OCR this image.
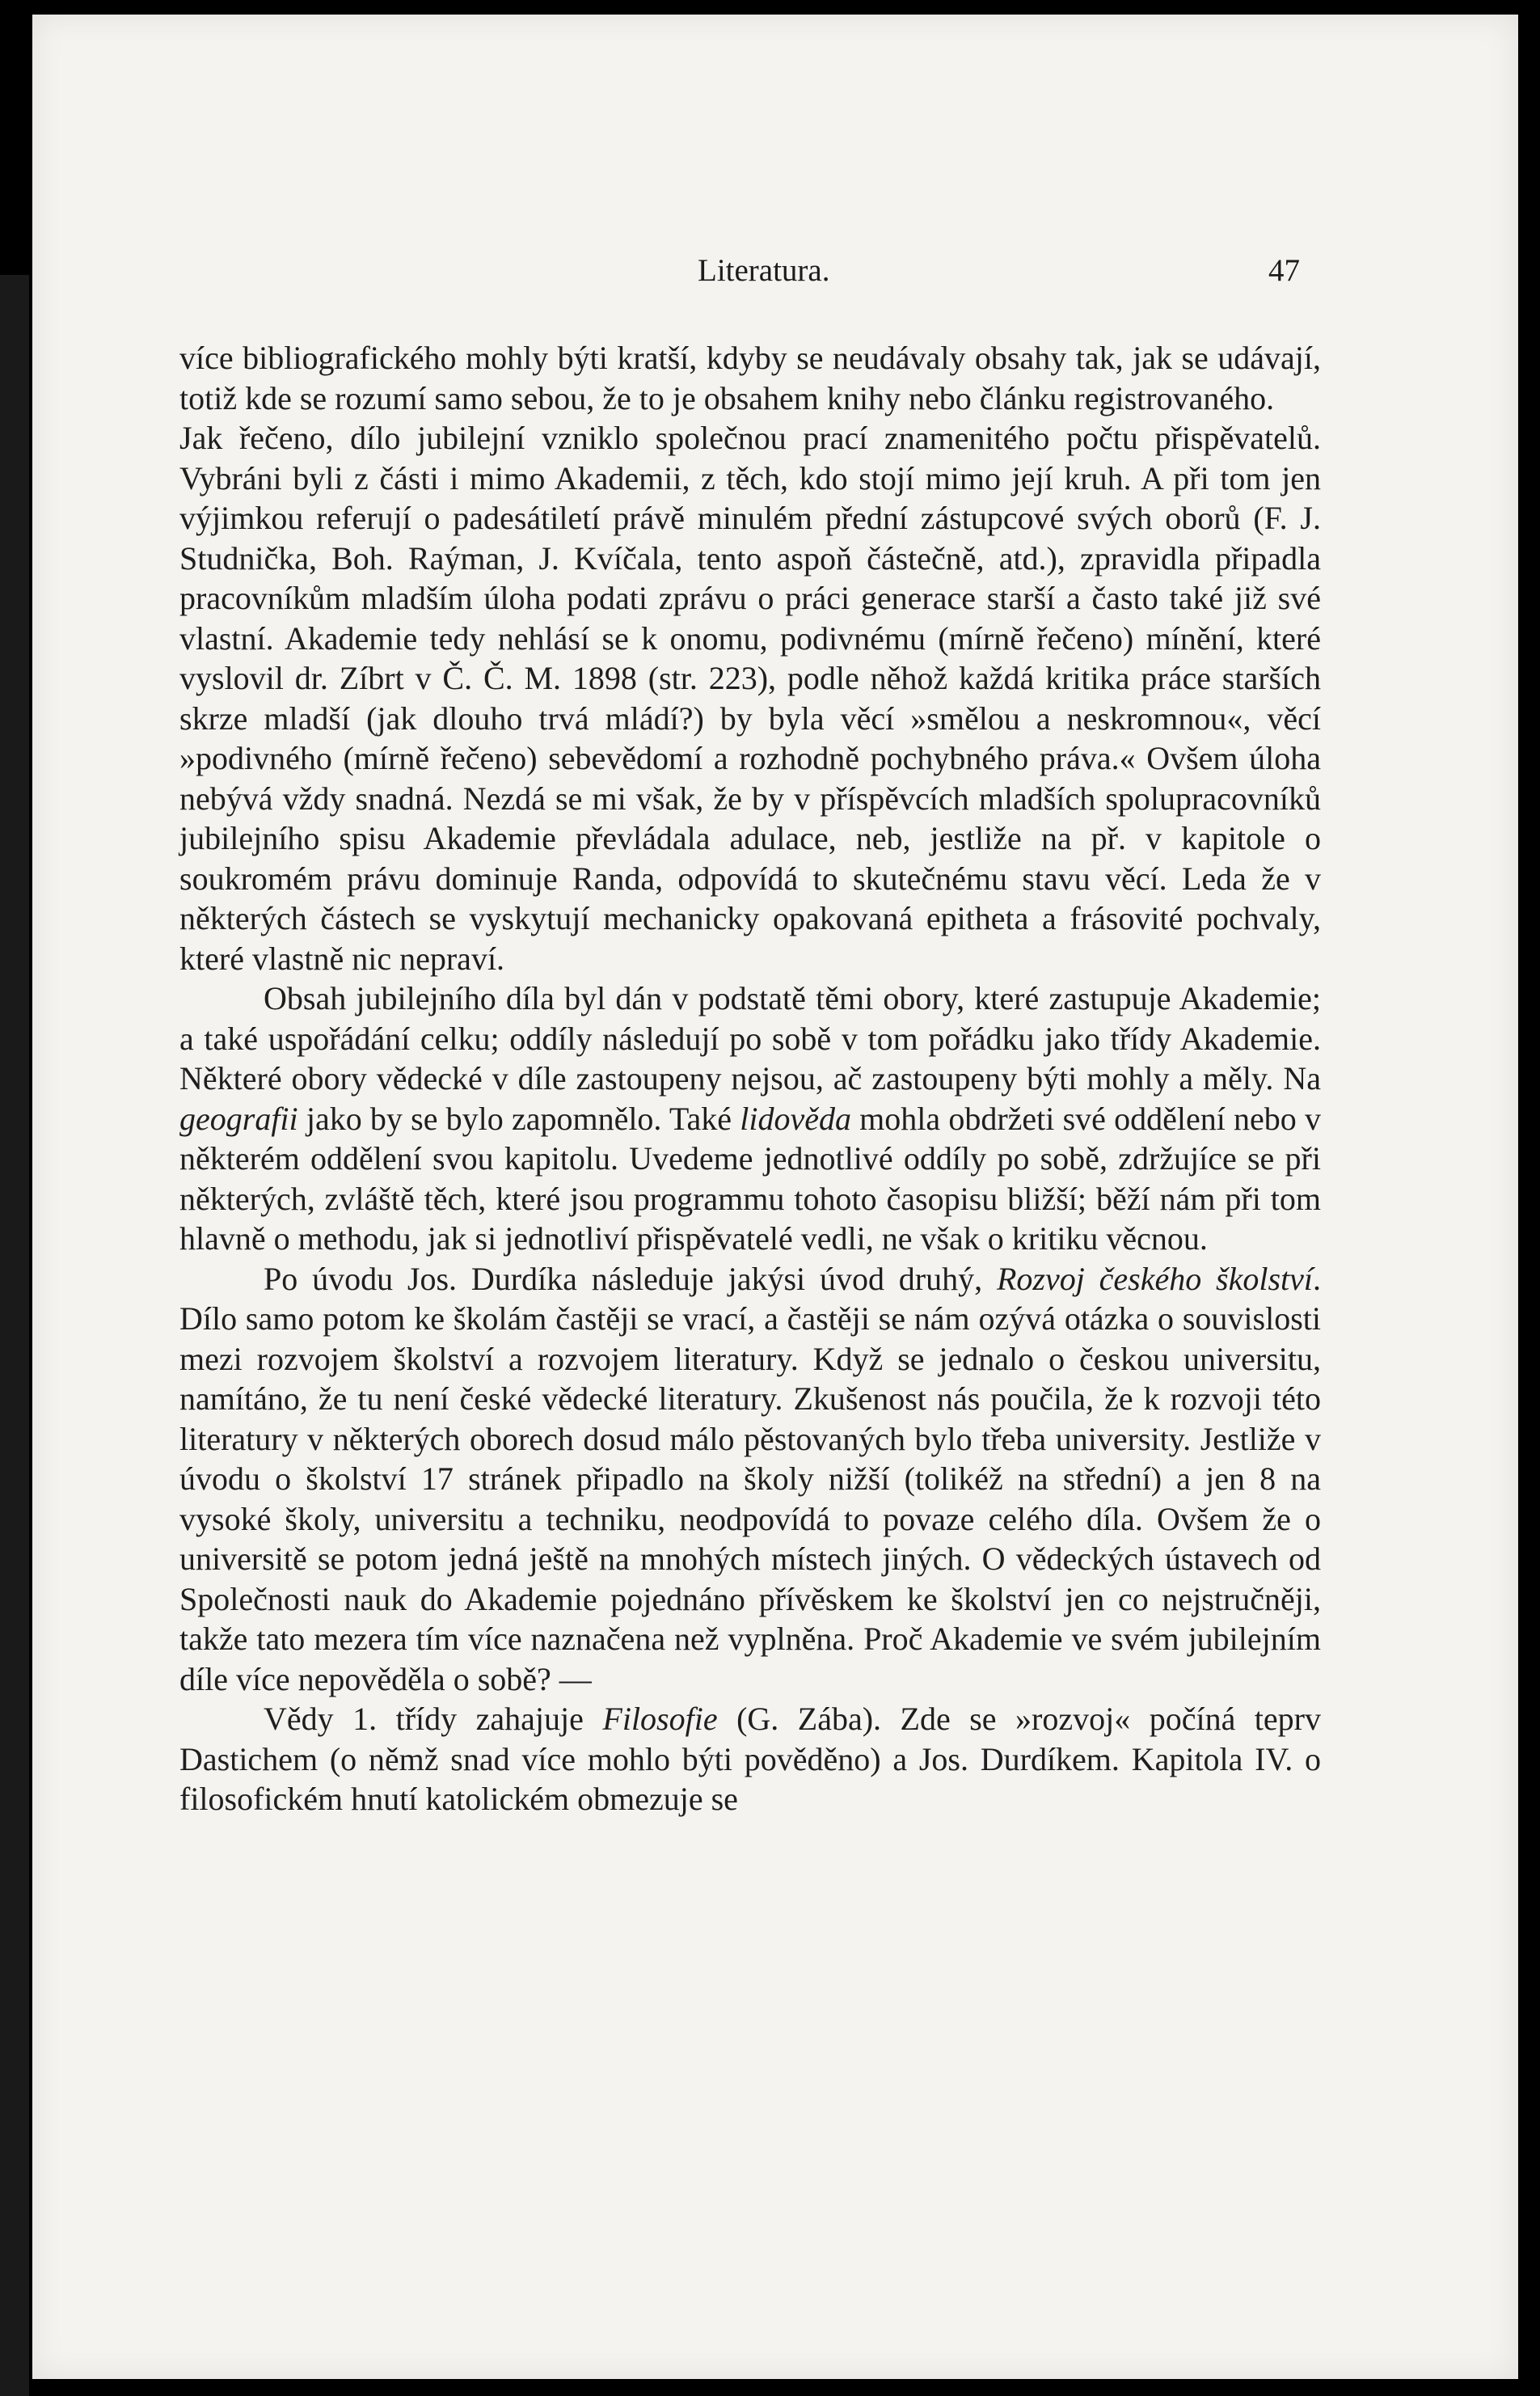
Literatura.	47

více bibliografického mohly býti kratší, kdyby se neudávaly obsahy tak, jak se udávají, totiž kde se rozumí samo sebou, že to je obsahem knihy nebo článku registrovaného.

Jak řečeno, dílo jubilejní vzniklo společnou prací znamenitého počtu přispěvatelů. Vybráni byli z části i mimo Akademii, z těch, kdo stojí mimo její kruh. A při tom jen výjimkou referují o padesátiletí právě minulém přední zástupcové svých oborů (F. J. Studnička, Boh. Raýman, J. Kvíčala, tento aspoň částečně, atd.), zpravidla připadla pracovníkům mladším úloha podati zprávu o práci generace starší a často také již své vlastní. Akademie tedy nehlásí se k onomu, podivnému (mírně řečeno) mínění, které vyslovil dr. Zíbrt v Č. Č. M. 1898 (str. 223), podle něhož každá kritika práce starších skrze mladší (jak dlouho trvá mládí?) by byla věcí »smělou a neskromnou«, věcí »podivného (mírně řečeno) sebevědomí a rozhodně pochybného práva.« Ovšem úloha nebývá vždy snadná. Nezdá se mi však, že by v příspěvcích mladších spolupracovníků jubilejního spisu Akademie převládala adulace, neb, jestliže na př. v kapitole o soukromém právu dominuje Randa, odpovídá to skutečnému stavu věcí. Leda že v některých částech se vyskytují mechanicky opakovaná epitheta a frásovité pochvaly, které vlastně nic nepraví.

Obsah jubilejního díla byl dán v podstatě těmi obory, které zastupuje Akademie; a také uspořádání celku; oddíly následují po sobě v tom pořádku jako třídy Akademie. Některé obory vědecké v díle zastoupeny nejsou, ač zastoupeny býti mohly a měly. Na geografii jako by se bylo zapomnělo. Také lidověda mohla obdržeti své oddělení nebo v některém oddělení svou kapitolu. Uvedeme jednotlivé oddíly po sobě, zdržujíce se při některých, zvláště těch, které jsou programmu tohoto časopisu bližší; běží nám při tom hlavně o methodu, jak si jednotliví přispěvatelé vedli, ne však o kritiku věcnou.

Po úvodu Jos. Durdíka následuje jakýsi úvod druhý, Rozvoj českého školství. Dílo samo potom ke školám častěji se vrací, a častěji se nám ozývá otázka o souvislosti mezi rozvojem školství a rozvojem literatury. Když se jednalo o českou universitu, namítáno, že tu není české vědecké literatury. Zkušenost nás poučila, že k rozvoji této literatury v některých oborech dosud málo pěstovaných bylo třeba university. Jestliže v úvodu o školství 17 stránek připadlo na školy nižší (tolikéž na střední) a jen 8 na vysoké školy, universitu a techniku, neodpovídá to povaze celého díla. Ovšem že o universitě se potom jedná ještě na mnohých místech jiných. O vědeckých ústavech od Společnosti nauk do Akademie pojednáno přívěskem ke školství jen co nejstručněji, takže tato mezera tím více naznačena než vyplněna. Proč Akademie ve svém jubilejním díle více nepověděla o sobě? —

Vědy 1. třídy zahajuje Filosofie (G. Zába). Zde se »rozvoj« počíná teprv Dastichem (o němž snad více mohlo býti pověděno) a Jos. Durdíkem. Kapitola IV. o filosofickém hnutí katolickém obmezuje se
